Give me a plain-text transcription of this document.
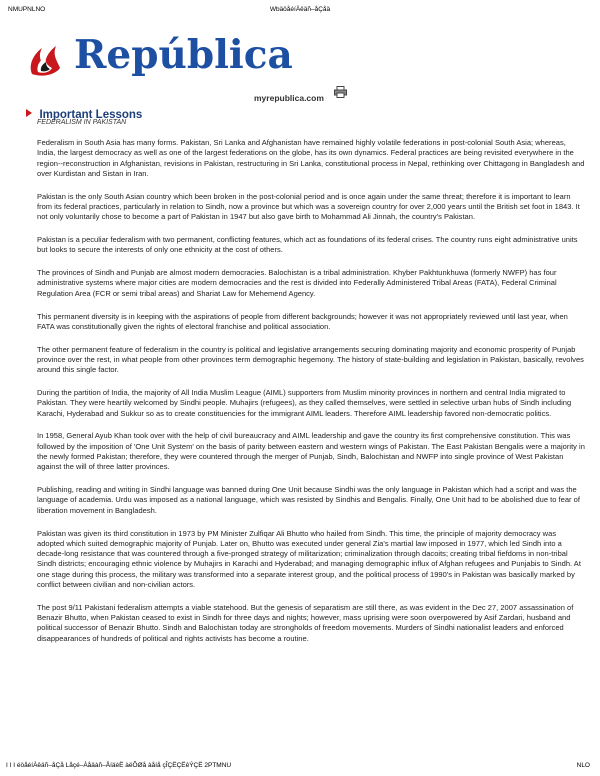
NMUPNLNO	WbäöåéíÀêäñ–åÇåä
República
myrepublica.com
Important Lessons
FEDERALISM IN PAKISTAN

Federalism in South Asia has many forms. Pakistan, Sri Lanka and Afghanistan have remained highly volatile federations in post-colonial South Asia; whereas, India, the largest democracy as well as one of the largest federations on the globe, has its own dynamics. Federal practices are being revisited everywhere in the region--reconstruction in Afghanistan, revisions in Pakistan, restructuring in Sri Lanka, constitutional process in Nepal, rethinking over Chittagong in Bangladesh and over Kurdistan and Sistan in Iran.

Pakistan is the only South Asian country which been broken in the post-colonial period and is once again under the same threat; therefore it is important to learn from its federal practices, particularly in relation to Sindh, now a province but which was a sovereign country for over 2,000 years until the British set foot in 1843. It not only voluntarily chose to become a part of Pakistan in 1947 but also gave birth to Mohammad Ali Jinnah, the country's Pakistan.

Pakistan is a peculiar federalism with two permanent, conflicting features, which act as foundations of its federal crises. The country runs eight administrative units but looks to secure the interests of only one ethnicity at the cost of others.

The provinces of Sindh and Punjab are almost modern democracies. Balochistan is a tribal administration. Khyber Pakhtunkhuwa (formerly NWFP) has four administrative systems where major cities are modern democracies and the rest is divided into Federally Administered Tribal Areas (FATA), Federal Criminal Regulation Area (FCR or semi tribal areas) and Shariat Law for Mehemend Agency.

This permanent diversity is in keeping with the aspirations of people from different backgrounds; however it was not appropriately reviewed until last year, when FATA was constitutionally given the rights of electoral franchise and political association.

The other permanent feature of federalism in the country is political and legislative arrangements securing dominating majority and economic prosperity of Punjab province over the rest, in what people from other provinces term demographic hegemony. The history of state-building and legislation in Pakistan, basically, revolves around this single factor.

During the partition of India, the majority of All India Muslim League (AIML) supporters from Muslim minority provinces in northern and central India migrated to Pakistan. They were heartily welcomed by Sindhi people. Muhajirs (refugees), as they called themselves, were settled in selective urban hubs of Sindh including Karachi, Hyderabad and Sukkur so as to create constituencies for the immigrant AIML leaders. Therefore AIML leadership favored non-democratic politics.

In 1958, General Ayub Khan took over with the help of civil bureaucracy and AIML leadership and gave the country its first comprehensive constitution. This was followed by the imposition of 'One Unit System' on the basis of parity between eastern and western wings of Pakistan. The East Pakistan Bengalis were a majority in the newly formed Pakistan; therefore, they were countered through the merger of Punjab, Sindh, Balochistan and NWFP into single province of West Pakistan against the will of three latter provinces.

Publishing, reading and writing in Sindhi language was banned during One Unit because Sindhi was the only language in Pakistan which had a script and was the language of academia. Urdu was imposed as a national language, which was resisted by Sindhis and Bengalis. Finally, One Unit had to be abolished due to fear of liberation movement in Bangladesh.

Pakistan was given its third constitution in 1973 by PM Minister Zulfiqar Ali Bhutto who hailed from Sindh. This time, the principle of majority democracy was adopted which suited demographic majority of Punjab. Later on, Bhutto was executed under general Zia's martial law imposed in 1977, which led Sindh into a decade-long resistance that was countered through a five-pronged strategy of militarization; criminalization through dacoits; creating tribal fiefdoms in non-tribal Sindh districts; encouraging ethnic violence by Muhajirs in Karachi and Hyderabad; and managing demographic influx of Afghan refugees and Punjabis to Sindh. At one stage during this process, the military was transformed into a separate interest group, and the political process of 1990's in Pakistan was basically marked by conflict between civilian and non-civilian actors.

The post 9/11 Pakistani federalism attempts a viable statehood. But the genesis of separatism are still there, as was evident in the Dec 27, 2007 assassination of Benazir Bhutto, when Pakistan ceased to exist in Sindh for three days and nights; however, mass uprising were soon overpowered by Asif Zardari, husband and political successor of Benazir Bhutto. Sindh and Balochistan today are strongholds of freedom movements. Murders of Sindhi nationalist leaders and enforced disappearances of hundreds of political and rights activists has become a routine.

I I I éöåéíÀêäñ–åÇå Låçé–Àåäàñ–ÅíäéË àëÕØå àåíå çÎÇËÇËêÝÇË 2PTMNU	NLO
